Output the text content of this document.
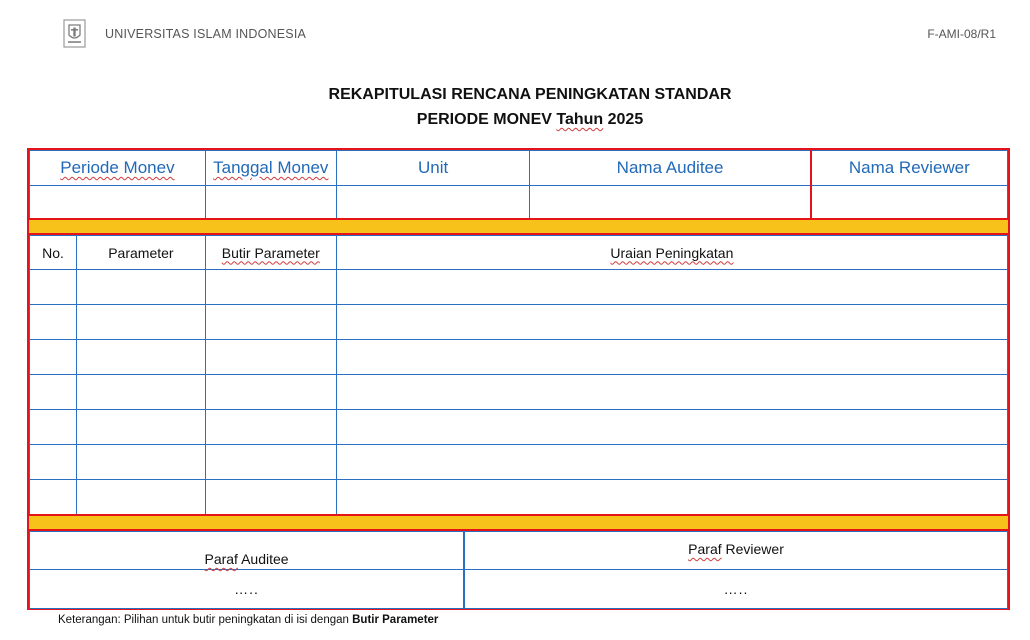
UNIVERSITAS ISLAM INDONESIA	F-AMI-08/R1
REKAPITULASI RENCANA PENINGKATAN STANDAR
PERIODE MONEV Tahun 2025
Periode Monev	Tanggal Monev	Unit	Nama Auditee	Nama Reviewer

No.	Parameter	Butir Parameter	Uraian Peningkatan

Paraf Auditee	Paraf Reviewer
…..	…..
Keterangan: Pilihan untuk butir peningkatan di isi dengan Butir Parameter
